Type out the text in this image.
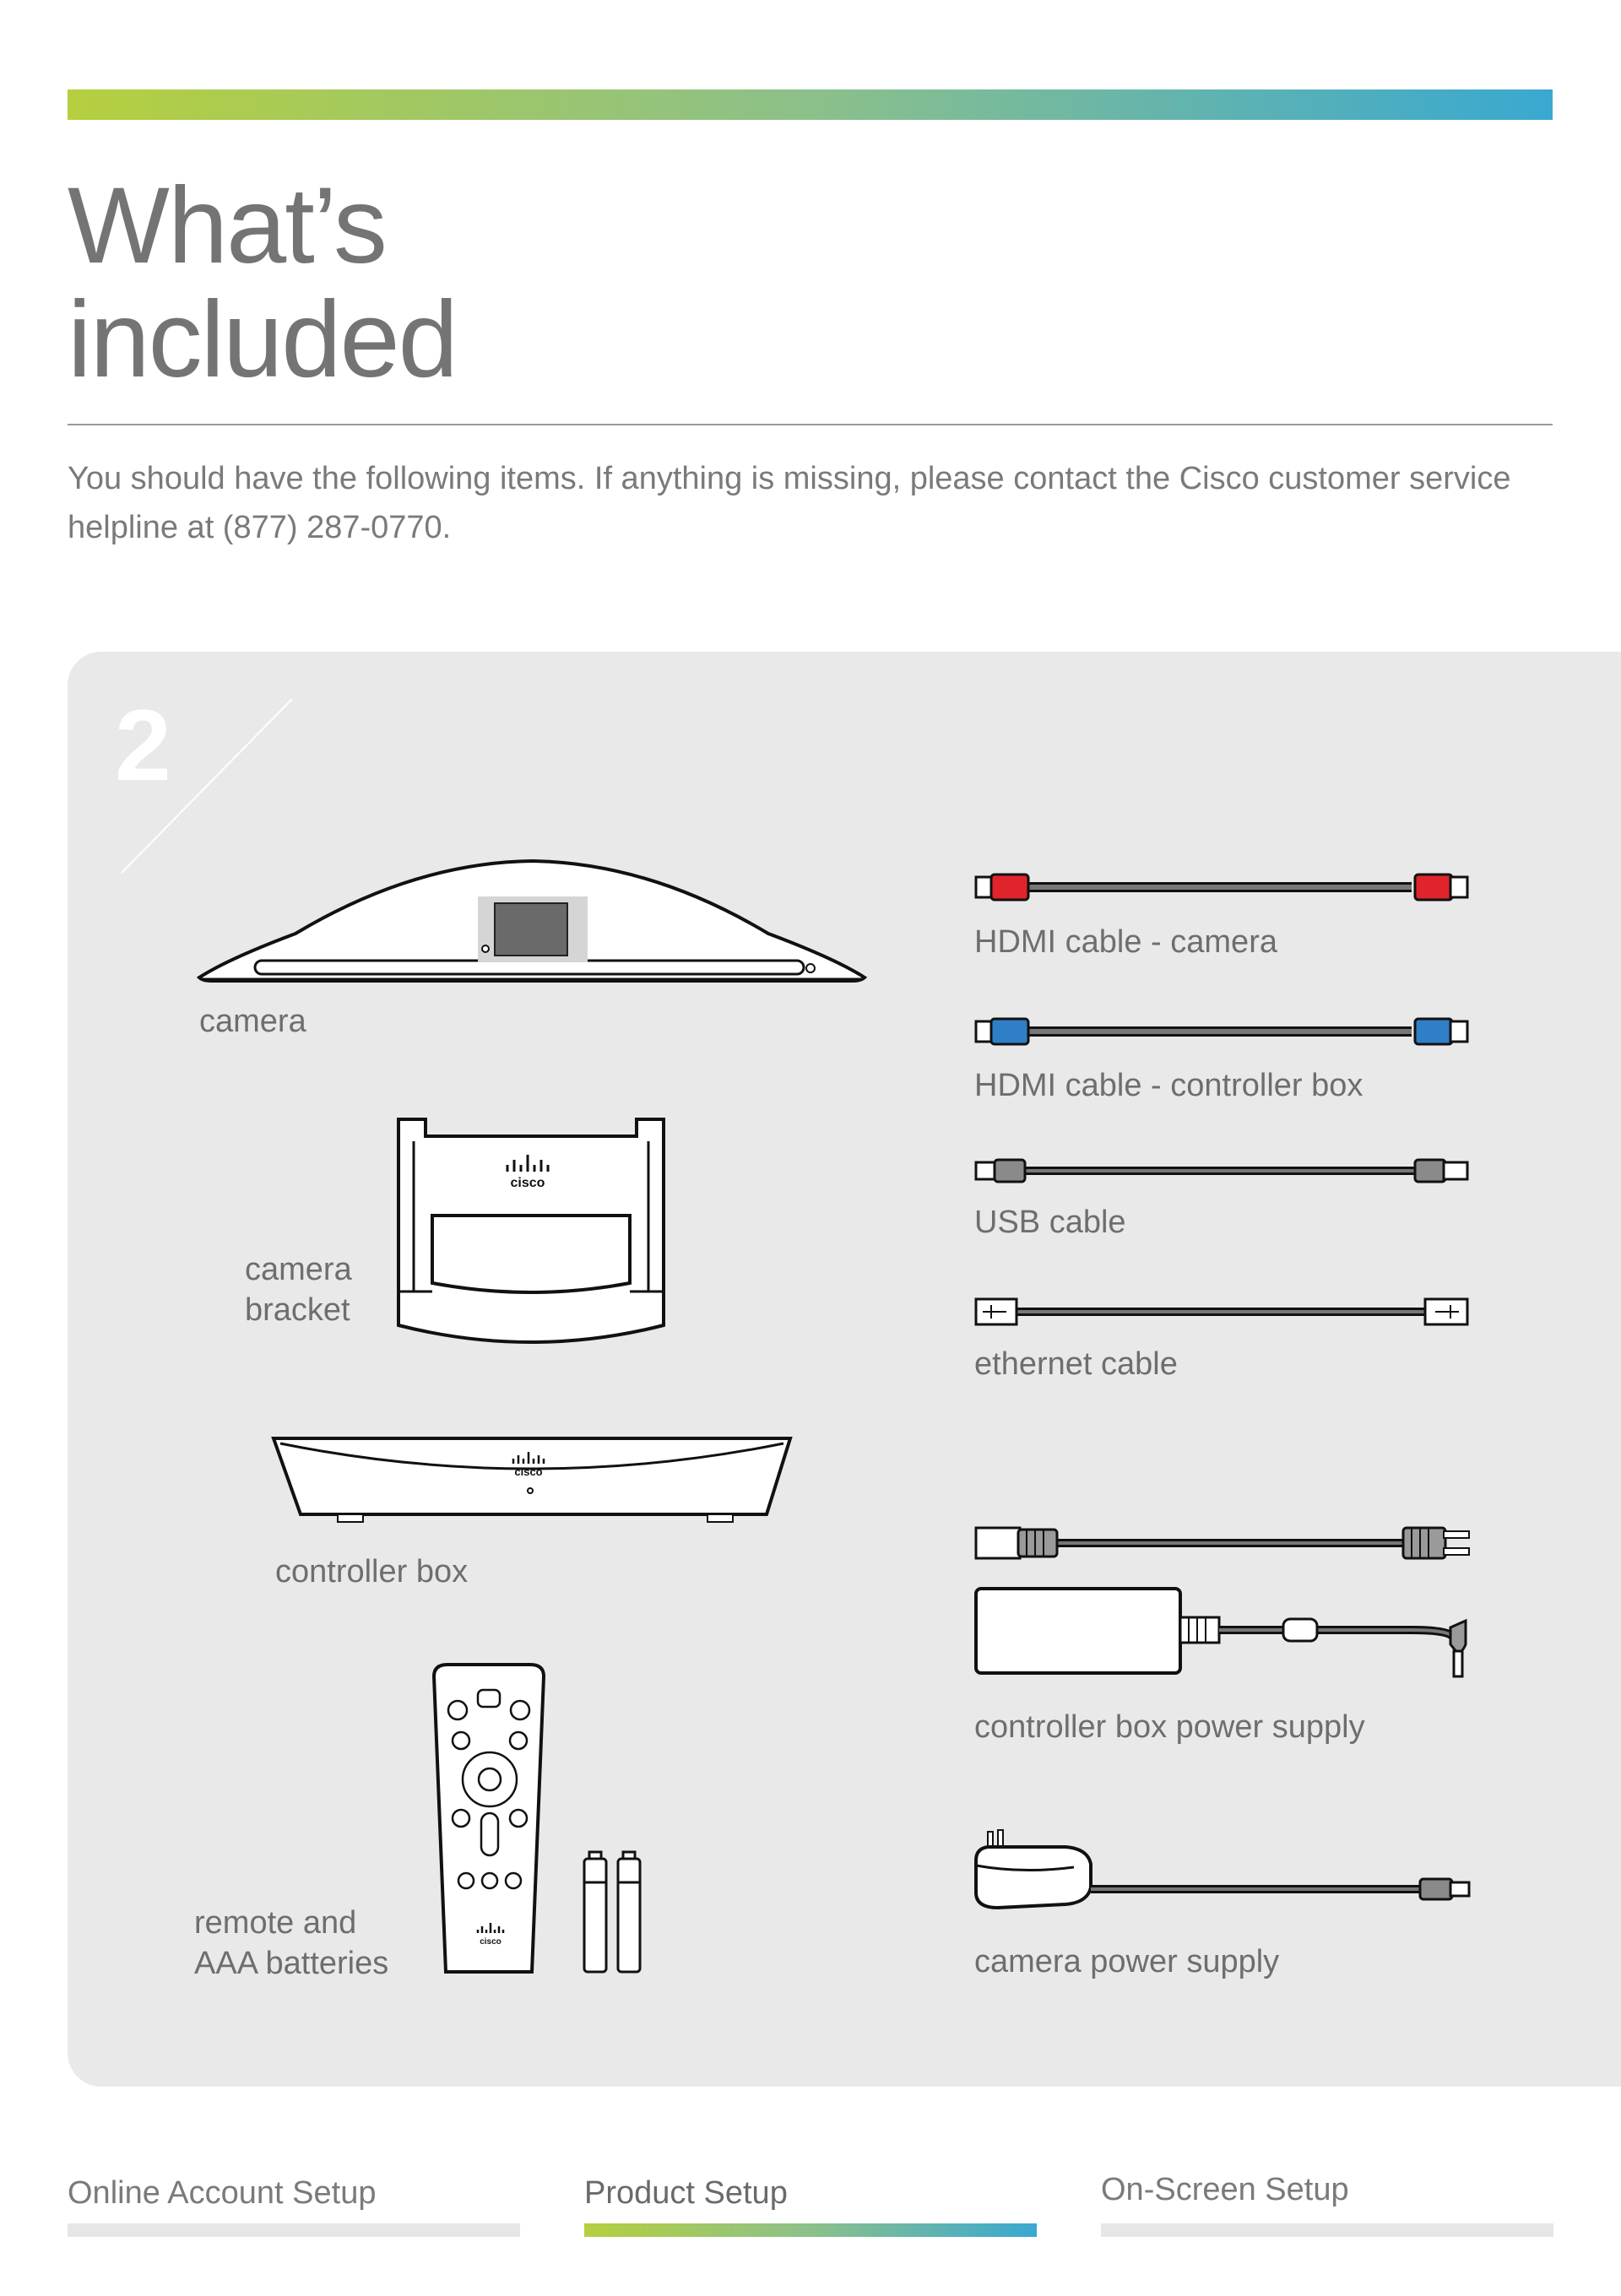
What’s
included

You should have the following items. If anything is missing, please contact the Cisco customer service helpline at (877) 287-0770.

2
camera
cisco
camera
bracket
cisco
controller box
cisco
remote and
AAA batteries
HDMI cable - camera
HDMI cable - controller box
USB cable
ethernet cable
controller box power supply
camera power supply
Online Account Setup	Product Setup	On-Screen Setup
